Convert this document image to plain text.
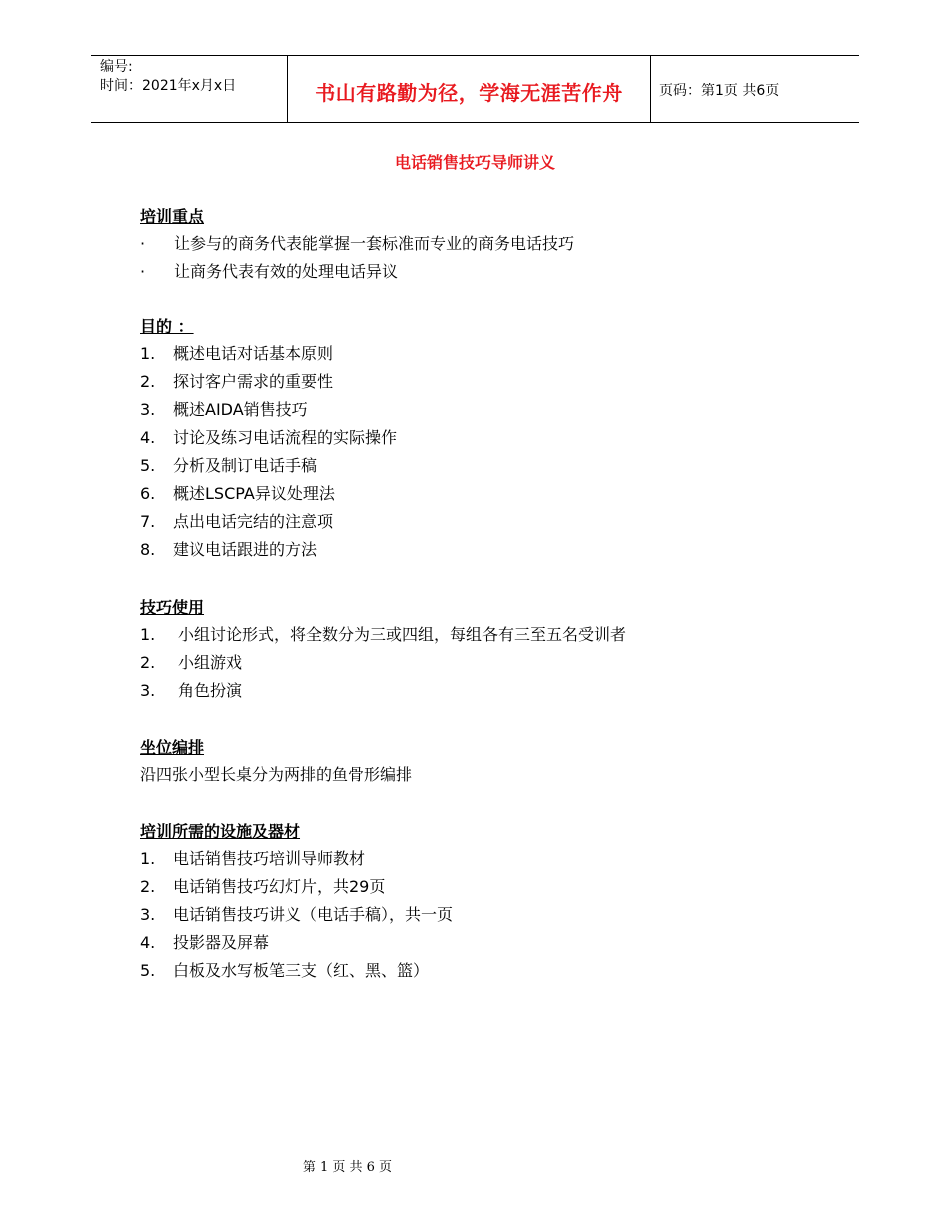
编号:
时间：2021年x月x日	书山有路勤为径，学海无涯苦作舟	页码：第1页 共6页
电话销售技巧导师讲义
培训重点
· 让参与的商务代表能掌握一套标准而专业的商务电话技巧
· 让商务代表有效的处理电话异议
目的 ：
1. 概述电话对话基本原则
2. 探讨客户需求的重要性
3. 概述AIDA销售技巧
4. 讨论及练习电话流程的实际操作
5. 分析及制订电话手稿
6. 概述LSCPA异议处理法
7. 点出电话完结的注意项
8. 建议电话跟进的方法
技巧使用
1. 小组讨论形式，将全数分为三或四组，每组各有三至五名受训者
2. 小组游戏
3. 角色扮演
坐位编排
沿四张小型长桌分为两排的鱼骨形编排
培训所需的设施及器材
1. 电话销售技巧培训导师教材
2. 电话销售技巧幻灯片，共29页
3. 电话销售技巧讲义（电话手稿），共一页
4. 投影器及屏幕
5. 白板及水写板笔三支（红、黑、篮）
第 1 页 共 6 页
